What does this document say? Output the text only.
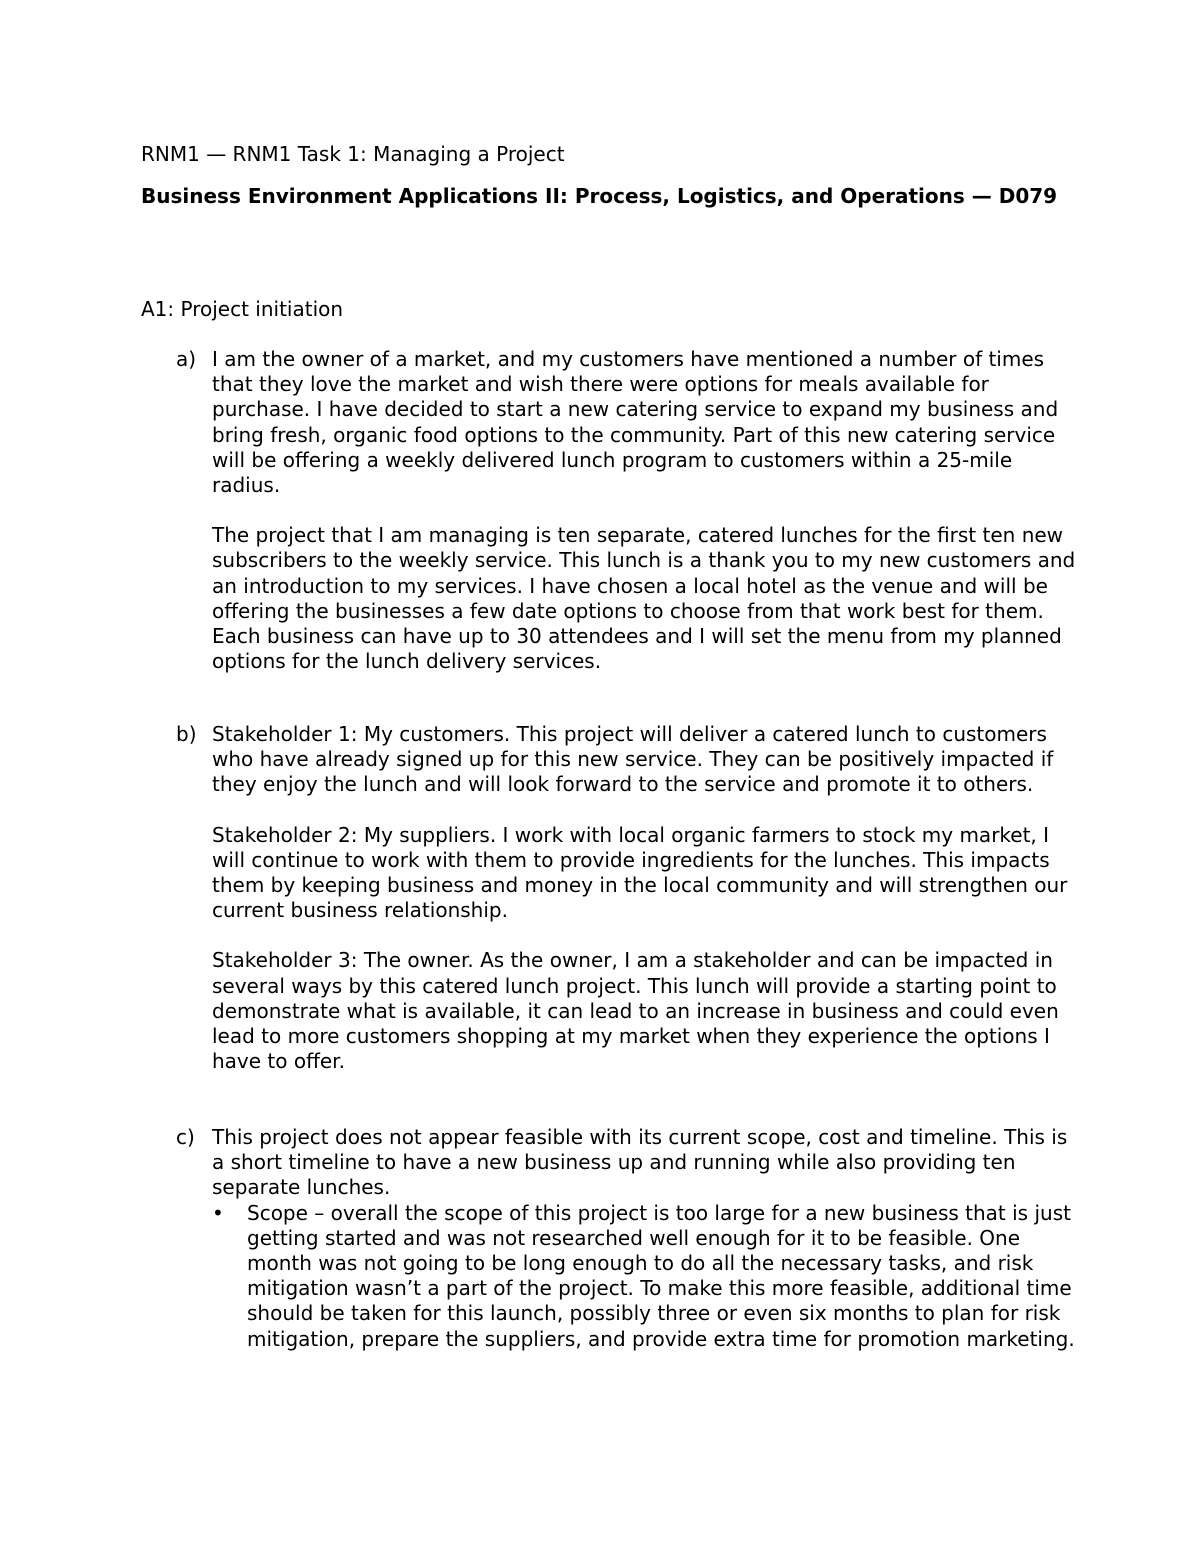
RNM1 — RNM1 Task 1: Managing a Project
Business Environment Applications II: Process, Logistics, and Operations — D079
A1: Project initiation
a) I am the owner of a market, and my customers have mentioned a number of times that they love the market and wish there were options for meals available for purchase. I have decided to start a new catering service to expand my business and bring fresh, organic food options to the community. Part of this new catering service will be offering a weekly delivered lunch program to customers within a 25-mile radius.

The project that I am managing is ten separate, catered lunches for the first ten new subscribers to the weekly service. This lunch is a thank you to my new customers and an introduction to my services. I have chosen a local hotel as the venue and will be offering the businesses a few date options to choose from that work best for them. Each business can have up to 30 attendees and I will set the menu from my planned options for the lunch delivery services.

b) Stakeholder 1: My customers. This project will deliver a catered lunch to customers who have already signed up for this new service. They can be positively impacted if they enjoy the lunch and will look forward to the service and promote it to others.

Stakeholder 2: My suppliers. I work with local organic farmers to stock my market, I will continue to work with them to provide ingredients for the lunches. This impacts them by keeping business and money in the local community and will strengthen our current business relationship.

Stakeholder 3: The owner. As the owner, I am a stakeholder and can be impacted in several ways by this catered lunch project. This lunch will provide a starting point to demonstrate what is available, it can lead to an increase in business and could even lead to more customers shopping at my market when they experience the options I have to offer.

c) This project does not appear feasible with its current scope, cost and timeline. This is a short timeline to have a new business up and running while also providing ten separate lunches.

• Scope – overall the scope of this project is too large for a new business that is just getting started and was not researched well enough for it to be feasible. One month was not going to be long enough to do all the necessary tasks, and risk mitigation wasn’t a part of the project. To make this more feasible, additional time should be taken for this launch, possibly three or even six months to plan for risk mitigation, prepare the suppliers, and provide extra time for promotion marketing.
